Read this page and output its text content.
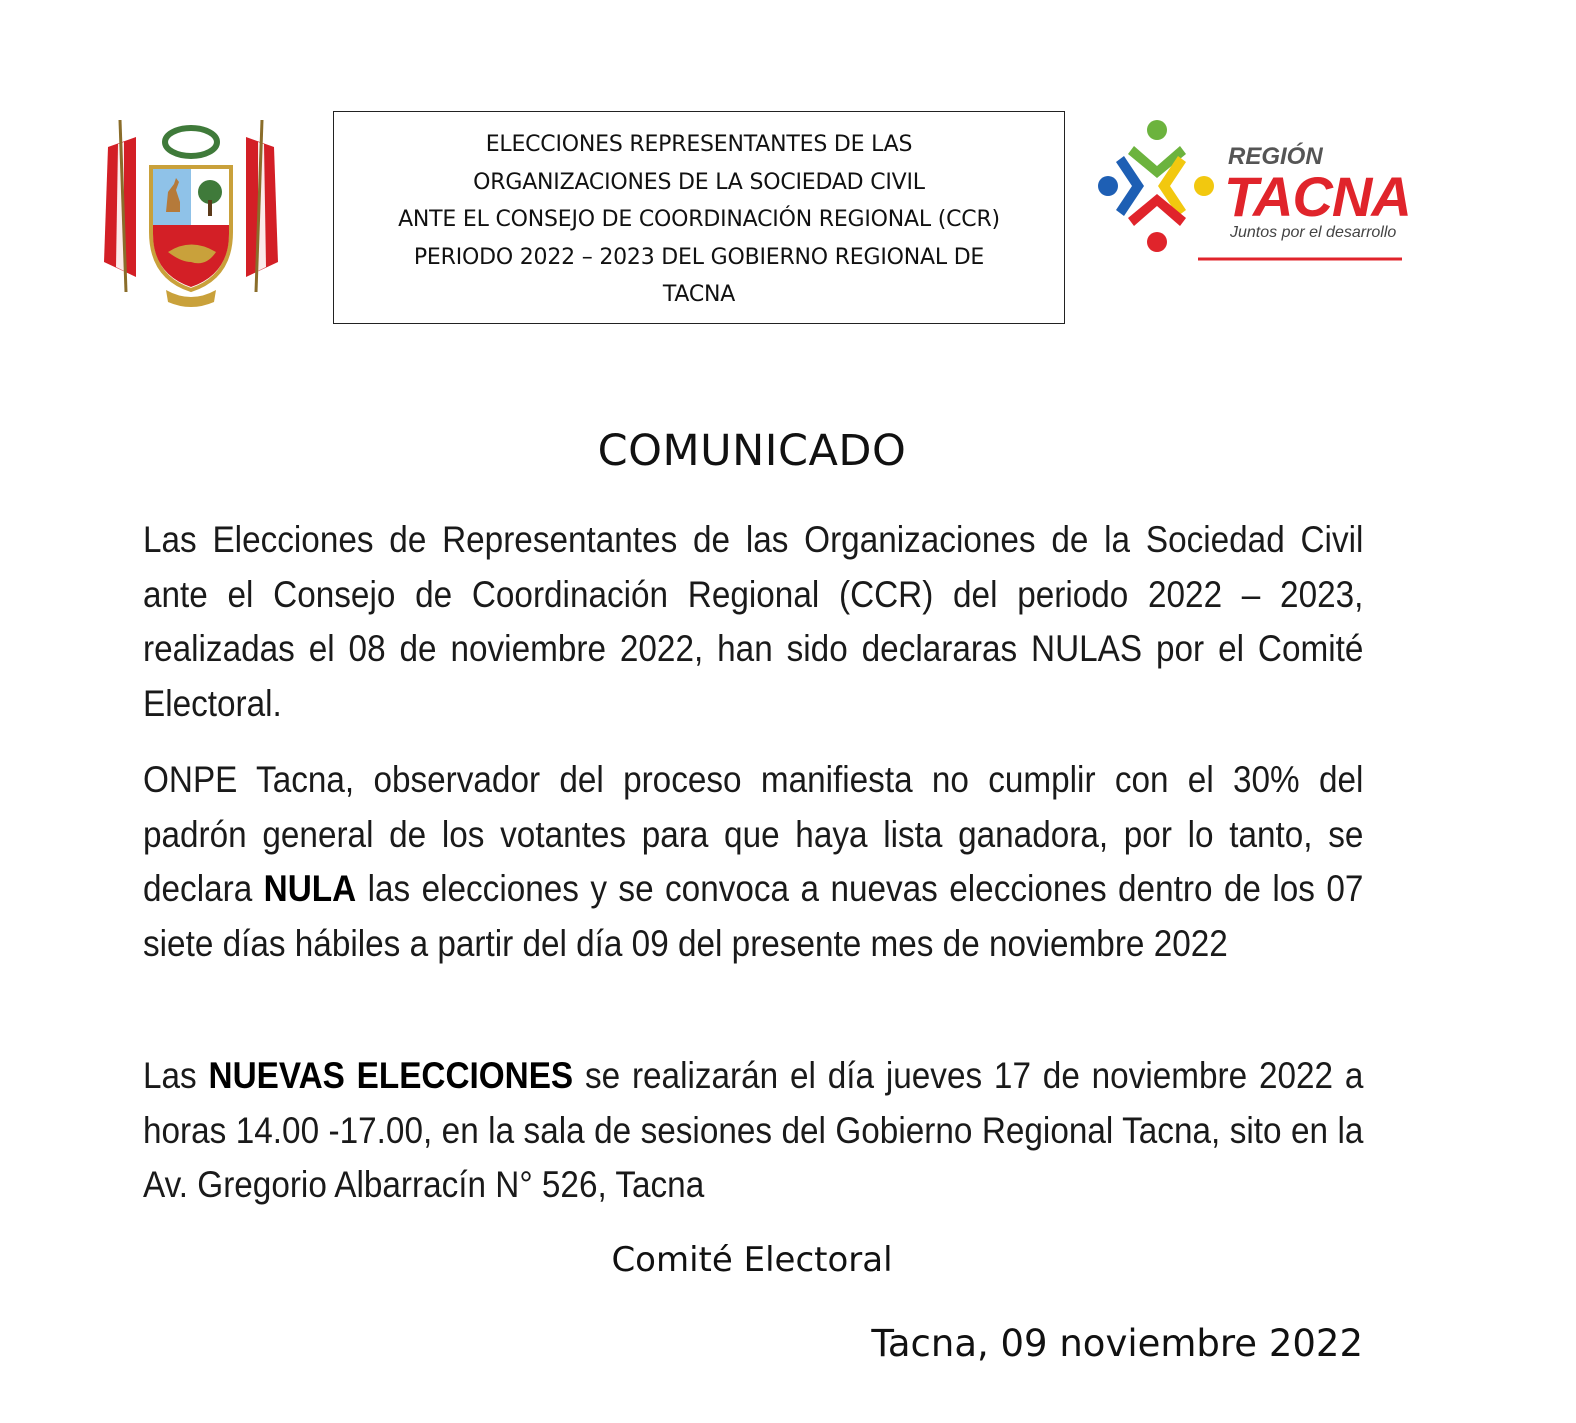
ELECCIONES REPRESENTANTES DE LAS
ORGANIZACIONES DE LA SOCIEDAD CIVIL
ANTE EL CONSEJO DE COORDINACIÓN REGIONAL (CCR)
PERIODO 2022 – 2023 DEL GOBIERNO REGIONAL DE
TACNA
REGIÓN
TACNA
Juntos por el desarrollo
COMUNICADO
Las Elecciones de Representantes de las Organizaciones de la Sociedad Civil ante el Consejo de Coordinación Regional (CCR) del periodo 2022 – 2023, realizadas el 08 de noviembre 2022, han sido declararas NULAS por el Comité Electoral.
ONPE Tacna, observador del proceso manifiesta no cumplir con el 30% del padrón general de los votantes para que haya lista ganadora, por lo tanto, se declara NULA las elecciones y se convoca a nuevas elecciones dentro de los 07 siete días hábiles a partir del día 09 del presente mes de noviembre 2022
Las NUEVAS ELECCIONES se realizarán el día jueves 17 de noviembre 2022 a horas 14.00 -17.00, en la sala de sesiones del Gobierno Regional Tacna, sito en la Av. Gregorio Albarracín N° 526, Tacna
Comité Electoral
Tacna, 09 noviembre 2022
